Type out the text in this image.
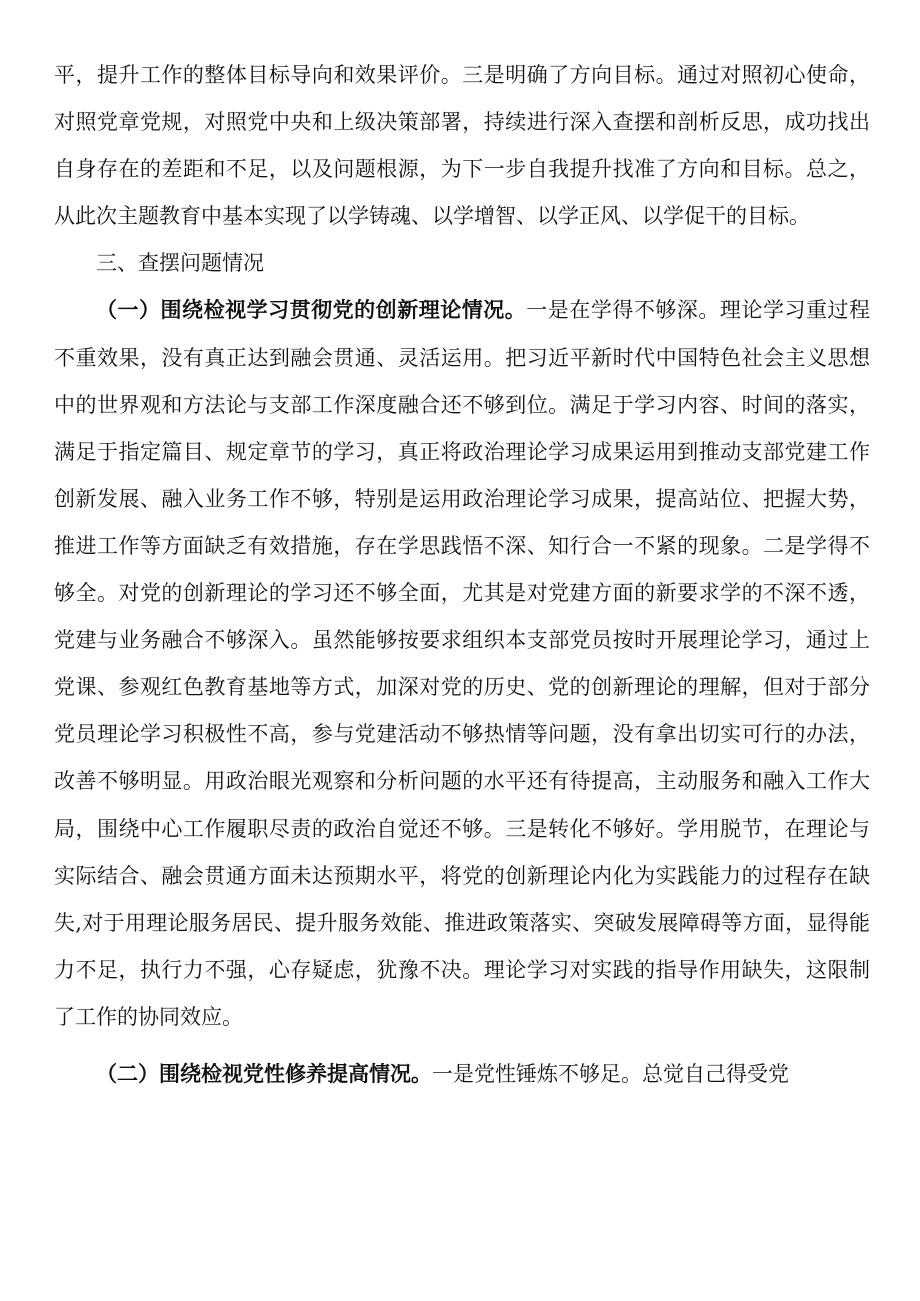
平，提升工作的整体目标导向和效果评价。三是明确了方向目标。通过对照初心使命，对照党章党规，对照党中央和上级决策部署，持续进行深入查摆和剖析反思，成功找出自身存在的差距和不足，以及问题根源，为下一步自我提升找准了方向和目标。总之，从此次主题教育中基本实现了以学铸魂、以学增智、以学正风、以学促干的目标。

三、查摆问题情况

（一）围绕检视学习贯彻党的创新理论情况。一是在学得不够深。理论学习重过程不重效果，没有真正达到融会贯通、灵活运用。把习近平新时代中国特色社会主义思想中的世界观和方法论与支部工作深度融合还不够到位。满足于学习内容、时间的落实，满足于指定篇目、规定章节的学习，真正将政治理论学习成果运用到推动支部党建工作创新发展、融入业务工作不够，特别是运用政治理论学习成果，提高站位、把握大势，推进工作等方面缺乏有效措施，存在学思践悟不深、知行合一不紧的现象。二是学得不够全。对党的创新理论的学习还不够全面，尤其是对党建方面的新要求学的不深不透，党建与业务融合不够深入。虽然能够按要求组织本支部党员按时开展理论学习，通过上党课、参观红色教育基地等方式，加深对党的历史、党的创新理论的理解，但对于部分党员理论学习积极性不高，参与党建活动不够热情等问题，没有拿出切实可行的办法，改善不够明显。用政治眼光观察和分析问题的水平还有待提高，主动服务和融入工作大局，围绕中心工作履职尽责的政治自觉还不够。三是转化不够好。学用脱节，在理论与实际结合、融会贯通方面未达预期水平，将党的创新理论内化为实践能力的过程存在缺失,对于用理论服务居民、提升服务效能、推进政策落实、突破发展障碍等方面，显得能力不足，执行力不强，心存疑虑，犹豫不决。理论学习对实践的指导作用缺失，这限制了工作的协同效应。

（二）围绕检视党性修养提高情况。一是党性锤炼不够足。总觉自己得受党
